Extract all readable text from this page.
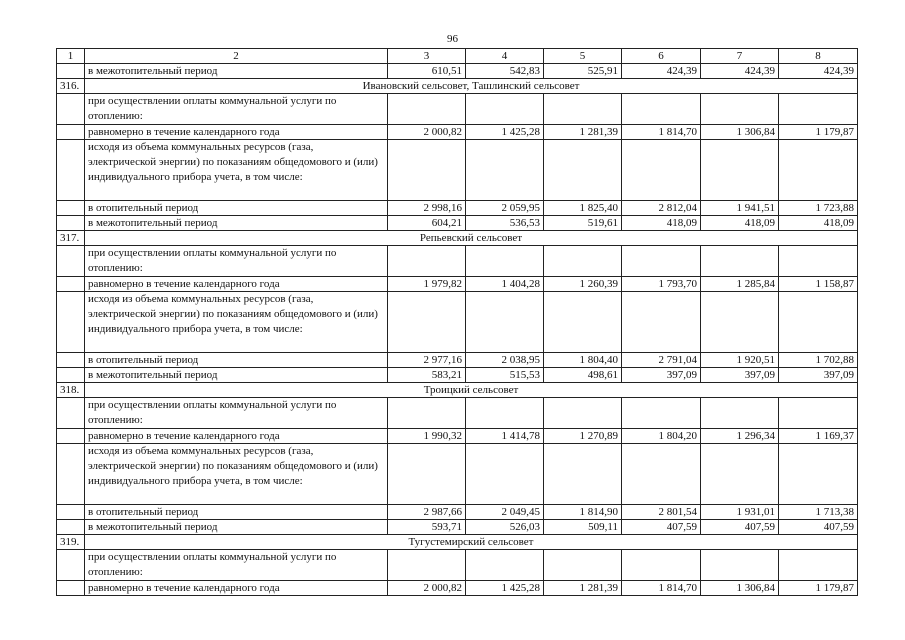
96
1	2	3	4	5	6	7	8
	в межотопительный период	610,51	542,83	525,91	424,39	424,39	424,39
316.	Ивановский сельсовет, Ташлинский сельсовет						
	при осуществлении оплаты коммунальной услуги по отоплению:						
	равномерно в течение календарного года	2 000,82	1 425,28	1 281,39	1 814,70	1 306,84	1 179,87
	исходя из объема коммунальных ресурсов (газа, электрической энергии) по показаниям общедомового и (или) индивидуального прибора учета, в том числе:						
	в отопительный период	2 998,16	2 059,95	1 825,40	2 812,04	1 941,51	1 723,88
	в межотопительный период	604,21	536,53	519,61	418,09	418,09	418,09
317.	Репьевский сельсовет						
	при осуществлении оплаты коммунальной услуги по отоплению:						
	равномерно в течение календарного года	1 979,82	1 404,28	1 260,39	1 793,70	1 285,84	1 158,87
	исходя из объема коммунальных ресурсов (газа, электрической энергии) по показаниям общедомового и (или) индивидуального прибора учета, в том числе:						
	в отопительный период	2 977,16	2 038,95	1 804,40	2 791,04	1 920,51	1 702,88
	в межотопительный период	583,21	515,53	498,61	397,09	397,09	397,09
318.	Троицкий сельсовет						
	при осуществлении оплаты коммунальной услуги по отоплению:						
	равномерно в течение календарного года	1 990,32	1 414,78	1 270,89	1 804,20	1 296,34	1 169,37
	исходя из объема коммунальных ресурсов (газа, электрической энергии) по показаниям общедомового и (или) индивидуального прибора учета, в том числе:						
	в отопительный период	2 987,66	2 049,45	1 814,90	2 801,54	1 931,01	1 713,38
	в межотопительный период	593,71	526,03	509,11	407,59	407,59	407,59
319.	Тугустемирский сельсовет						
	при осуществлении оплаты коммунальной услуги по отоплению:						
	равномерно в течение календарного года	2 000,82	1 425,28	1 281,39	1 814,70	1 306,84	1 179,87
